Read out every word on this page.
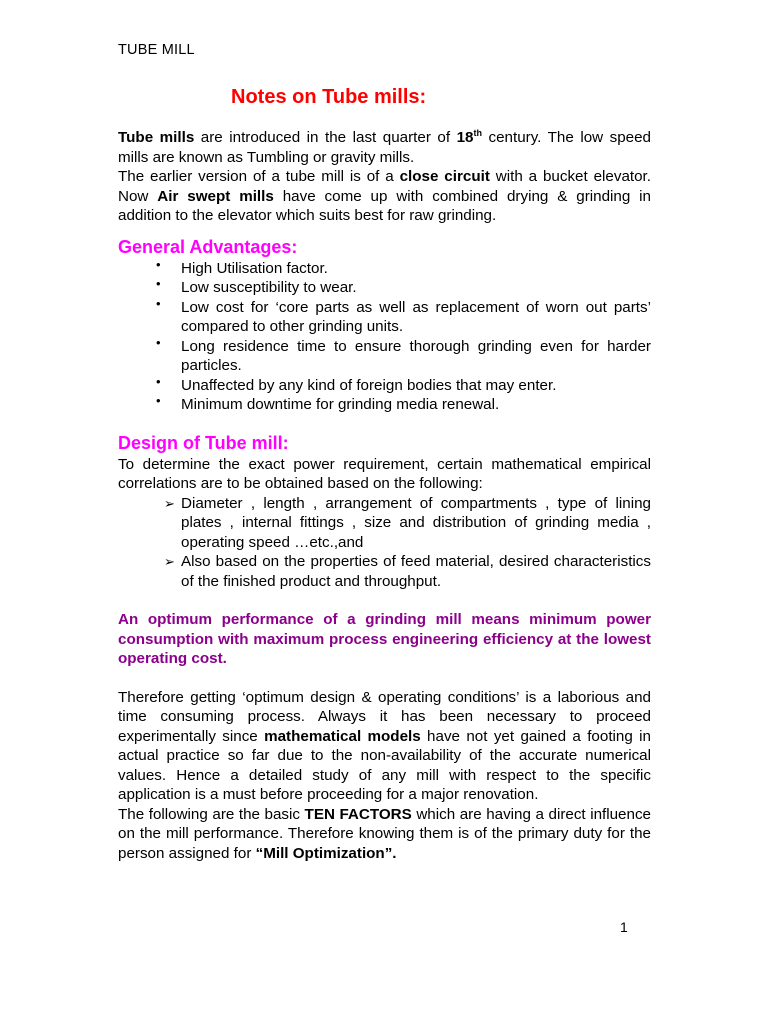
TUBE MILL
Notes on Tube mills:

Tube mills are introduced in the last quarter of 18th century. The low speed mills are known as Tumbling or gravity mills.

The earlier version of a tube mill is of a close circuit with a bucket elevator. Now Air swept mills have come up with combined drying & grinding in addition to the elevator which suits best for raw grinding.

General Advantages:
• High Utilisation factor.
• Low susceptibility to wear.
• Low cost for ‘core parts as well as replacement of worn out parts’ compared to other grinding units.
• Long residence time to ensure thorough grinding even for harder particles.
• Unaffected by any kind of foreign bodies that may enter.
• Minimum downtime for grinding media renewal.
Design of Tube mill:

To determine the exact power requirement, certain mathematical empirical correlations are to be obtained based on the following:

➢ Diameter , length , arrangement of compartments , type of lining plates , internal fittings , size and distribution of grinding media , operating speed …etc.,and
➢ Also based on the properties of feed material, desired characteristics of the finished product and throughput.

An optimum performance of a grinding mill means minimum power consumption with maximum process engineering efficiency at the lowest operating cost.

Therefore getting ‘optimum design & operating conditions’ is a laborious and time consuming process. Always it has been necessary to proceed experimentally since mathematical models have not yet gained a footing in actual practice so far due to the non-availability of the accurate numerical values. Hence a detailed study of any mill with respect to the specific application is a must before proceeding for a major renovation.

The following are the basic TEN FACTORS which are having a direct influence on the mill performance. Therefore knowing them is of the primary duty for the person assigned for “Mill Optimization”.

1
